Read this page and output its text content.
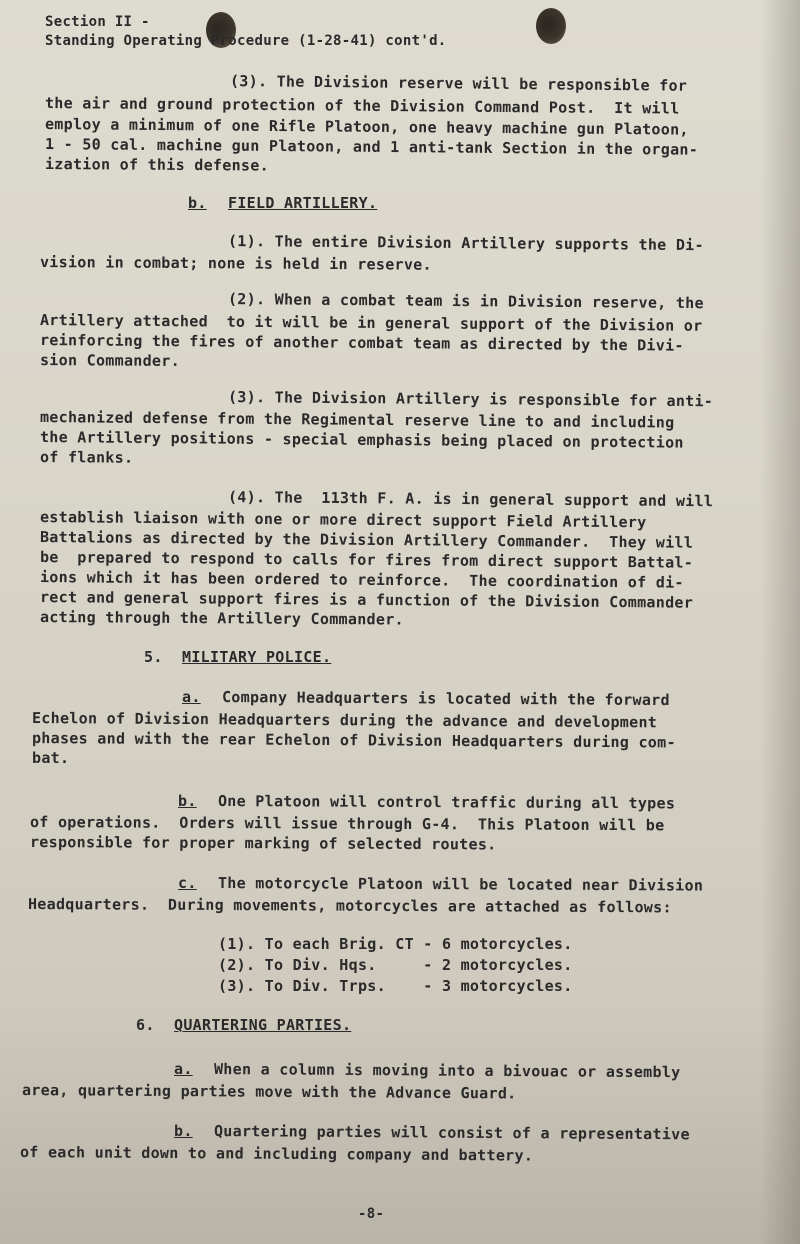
Section II -
Standing Operating Procedure (1-28-41) cont'd.
(3). The Division reserve will be responsible for
the air and ground protection of the Division Command Post.  It will
employ a minimum of one Rifle Platoon, one heavy machine gun Platoon,
1 - 50 cal. machine gun Platoon, and 1 anti-tank Section in the organ-
ization of this defense.
b. FIELD ARTILLERY.
(1). The entire Division Artillery supports the Di-
vision in combat; none is held in reserve.
(2). When a combat team is in Division reserve, the
Artillery attached  to it will be in general support of the Division or
reinforcing the fires of another combat team as directed by the Divi-
sion Commander.
(3). The Division Artillery is responsible for anti-
mechanized defense from the Regimental reserve line to and including
the Artillery positions - special emphasis being placed on protection
of flanks.
(4). The  113th F. A. is in general support and will
establish liaison with one or more direct support Field Artillery
Battalions as directed by the Division Artillery Commander.  They will
be  prepared to respond to calls for fires from direct support Battal-
ions which it has been ordered to reinforce.  The coordination of di-
rect and general support fires is a function of the Division Commander
acting through the Artillery Commander.
5. MILITARY POLICE.
a. Company Headquarters is located with the forward
Echelon of Division Headquarters during the advance and development
phases and with the rear Echelon of Division Headquarters during com-
bat.
b. One Platoon will control traffic during all types
of operations.  Orders will issue through G-4.  This Platoon will be
responsible for proper marking of selected routes.
c. The motorcycle Platoon will be located near Division
Headquarters.  During movements, motorcycles are attached as follows:
(1). To each Brig. CT - 6 motorcycles.
(2). To Div. Hqs.     - 2 motorcycles.
(3). To Div. Trps.    - 3 motorcycles.
6. QUARTERING PARTIES.
a. When a column is moving into a bivouac or assembly
area, quartering parties move with the Advance Guard.
b. Quartering parties will consist of a representative
of each unit down to and including company and battery.
-8-
